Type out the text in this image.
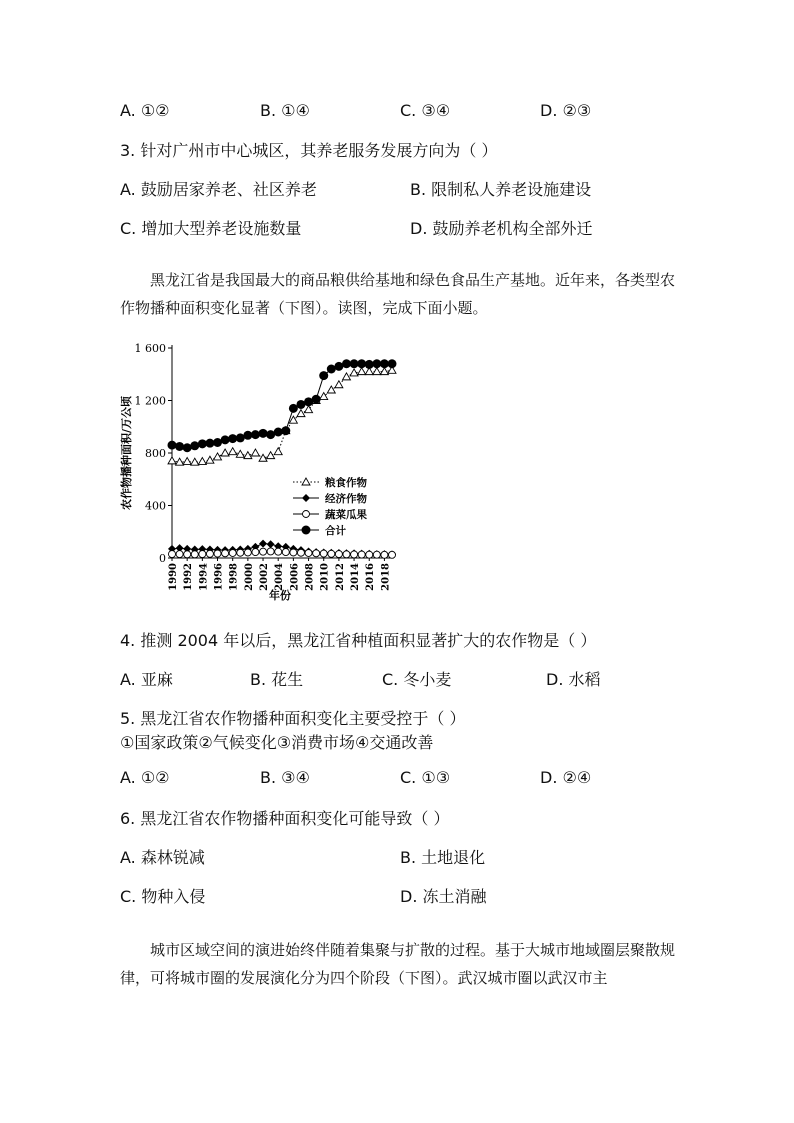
A. ①②	B. ①④	C. ③④	D. ②③
3. 针对广州市中心城区，其养老服务发展方向为（ ）
A. 鼓励居家养老、社区养老	B. 限制私人养老设施建设
C. 增加大型养老设施数量	D. 鼓励养老机构全部外迁
黑龙江省是我国最大的商品粮供给基地和绿色食品生产基地。近年来，各类型农作物播种面积变化显著（下图）。读图，完成下面小题。
0
400
800
1 200
1 600
1990 1992 1994 1996 1998 2000 2002 2004 2006 2008 2010 2012 2014 2016 2018
农作物播种面积/万公顷
年份
粮食作物
经济作物
蔬菜瓜果
合计
4. 推测 2004 年以后，黑龙江省种植面积显著扩大的农作物是（ ）
A. 亚麻	B. 花生	C. 冬小麦	D. 水稻
5. 黑龙江省农作物播种面积变化主要受控于（ ）
①国家政策②气候变化③消费市场④交通改善
A. ①②	B. ③④	C. ①③	D. ②④
6. 黑龙江省农作物播种面积变化可能导致（ ）
A. 森林锐减	B. 土地退化
C. 物种入侵	D. 冻土消融
城市区域空间的演进始终伴随着集聚与扩散的过程。基于大城市地域圈层聚散规律，可将城市圈的发展演化分为四个阶段（下图）。武汉城市圈以武汉市主
